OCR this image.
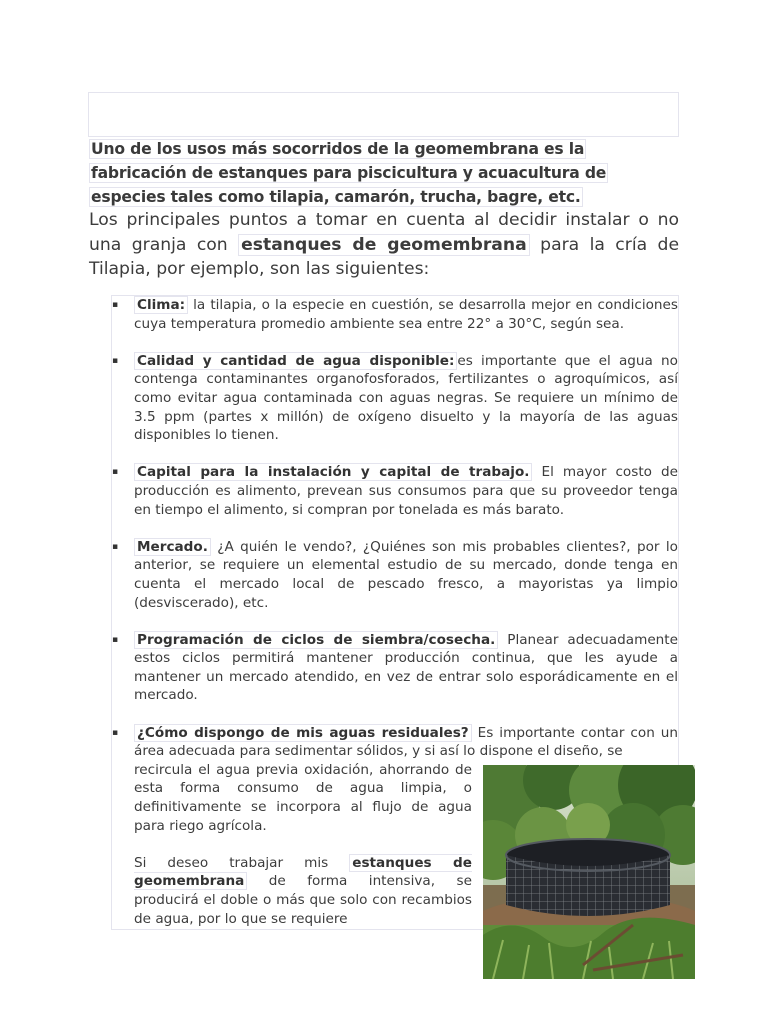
Uno de los usos más socorridos de la geomembrana es la
fabricación de estanques para piscicultura y acuacultura de
especies tales como tilapia, camarón, trucha, bagre, etc.
Los principales puntos a tomar en cuenta al decidir instalar o no una granja con estanques de geomembrana para la cría de Tilapia, por ejemplo, son las siguientes:
▪ Clima: la tilapia, o la especie en cuestión, se desarrolla mejor en condiciones cuya temperatura promedio ambiente sea entre 22° a 30°C, según sea.
▪ Calidad y cantidad de agua disponible: es importante que el agua no contenga contaminantes organofosforados, fertilizantes o agroquímicos, así como evitar agua contaminada con aguas negras. Se requiere un mínimo de 3.5 ppm (partes x millón) de oxígeno disuelto y la mayoría de las aguas disponibles lo tienen.
▪ Capital para la instalación y capital de trabajo. El mayor costo de producción es alimento, prevean sus consumos para que su proveedor tenga en tiempo el alimento, si compran por tonelada es más barato.
▪ Mercado. ¿A quién le vendo?, ¿Quiénes son mis probables clientes?, por lo anterior, se requiere un elemental estudio de su mercado, donde tenga en cuenta el mercado local de pescado fresco, a mayoristas ya limpio (desviscerado), etc.
▪ Programación de ciclos de siembra/cosecha. Planear adecuadamente estos ciclos permitirá mantener producción continua, que les ayude a mantener un mercado atendido, en vez de entrar solo esporádicamente en el mercado.
▪ ¿Cómo dispongo de mis aguas residuales? Es importante contar con un área adecuada para sedimentar sólidos, y si así lo dispone el diseño, se
recircula el agua previa oxidación, ahorrando de esta forma consumo de agua limpia, o definitivamente se incorpora al flujo de agua para riego agrícola.
Si deseo trabajar mis estanques de geomembrana de forma intensiva, se producirá el doble o más que solo con recambios de agua, por lo que se requiere
